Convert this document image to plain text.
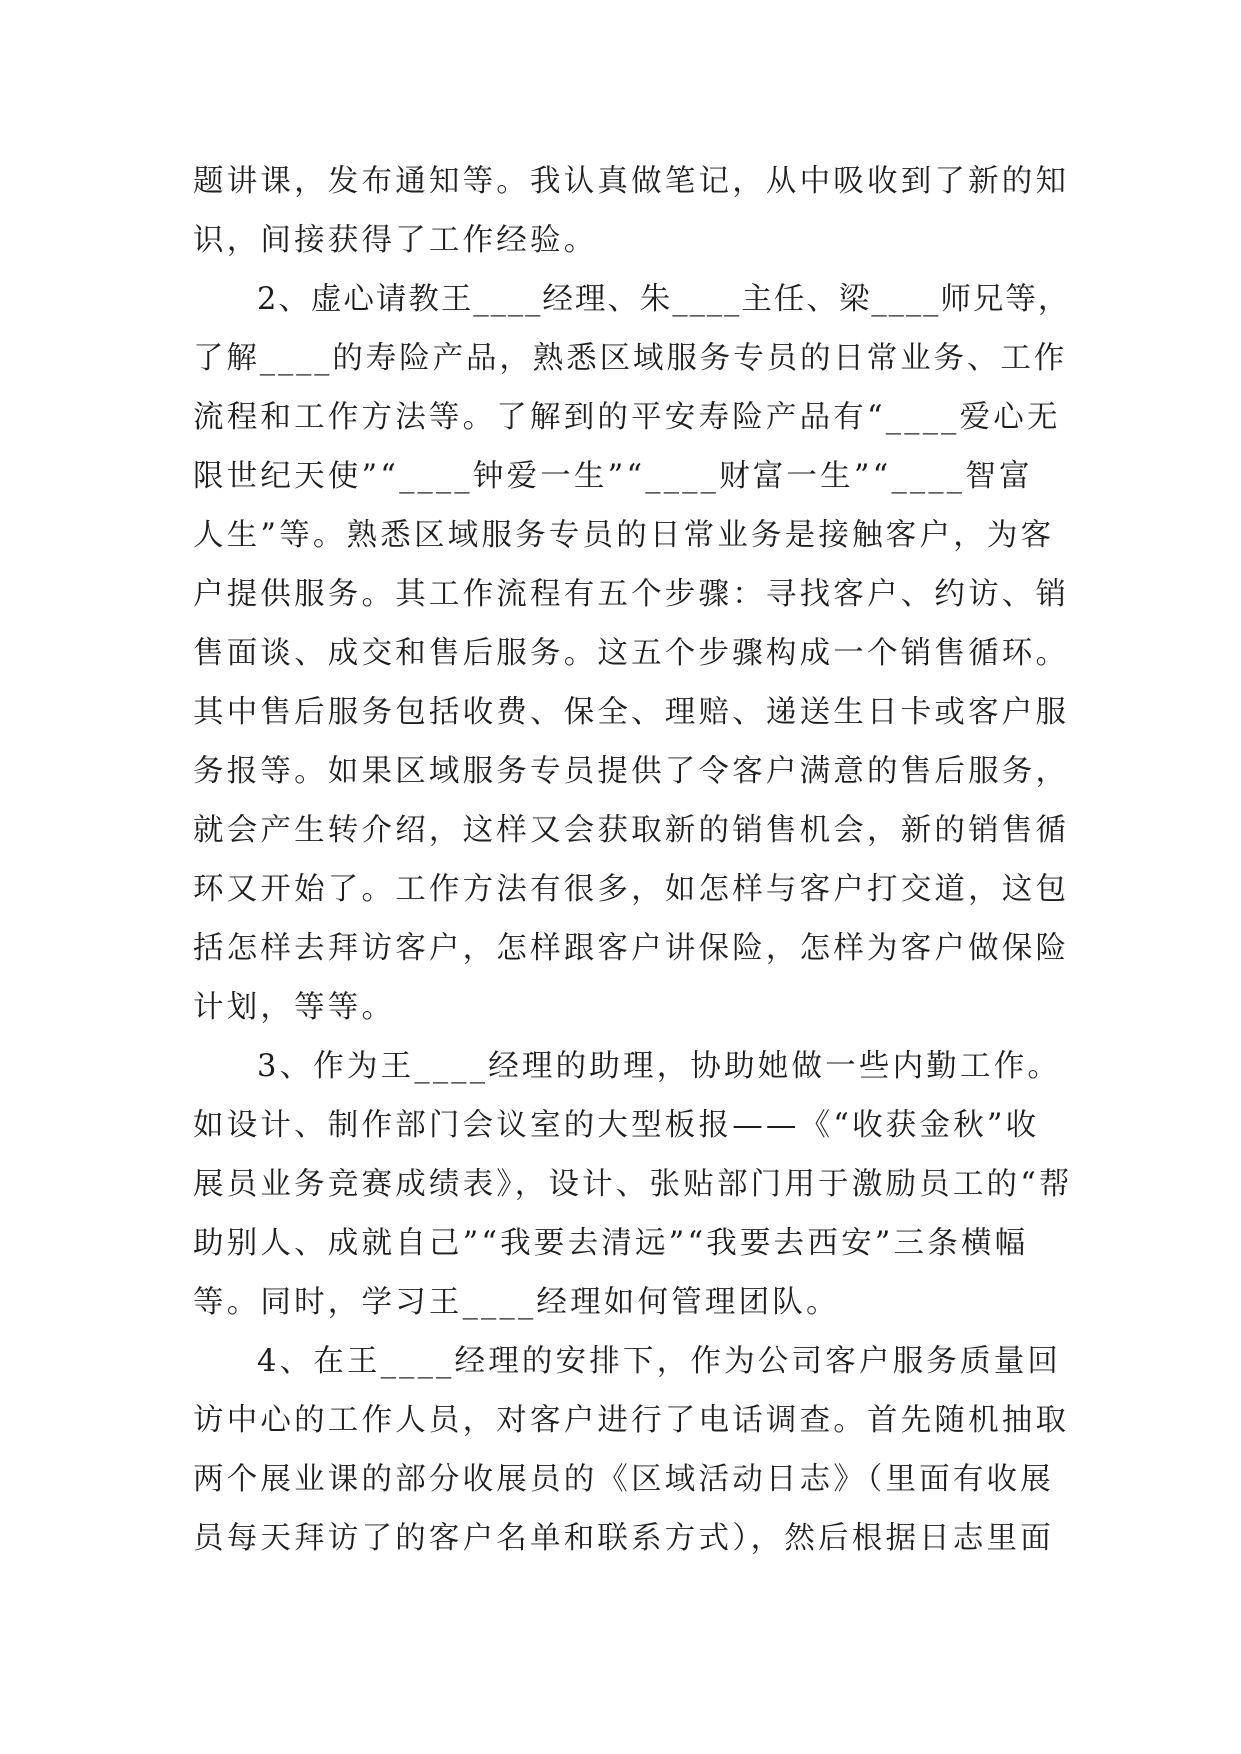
题讲课，发布通知等。我认真做笔记，从中吸收到了新的知
识，间接获得了工作经验。
2、虚心请教王____经理、朱____主任、梁____师兄等，
了解____的寿险产品，熟悉区域服务专员的日常业务、工作
流程和工作方法等。了解到的平安寿险产品有“____爱心无
限世纪天使”“____钟爱一生”“____财富一生”“____智富
人生”等。熟悉区域服务专员的日常业务是接触客户，为客
户提供服务。其工作流程有五个步骤：寻找客户、约访、销
售面谈、成交和售后服务。这五个步骤构成一个销售循环。
其中售后服务包括收费、保全、理赔、递送生日卡或客户服
务报等。如果区域服务专员提供了令客户满意的售后服务，
就会产生转介绍，这样又会获取新的销售机会，新的销售循
环又开始了。工作方法有很多，如怎样与客户打交道，这包
括怎样去拜访客户，怎样跟客户讲保险，怎样为客户做保险
计划，等等。
3、作为王____经理的助理，协助她做一些内勤工作。
如设计、制作部门会议室的大型板报——《“收获金秋”收
展员业务竞赛成绩表》，设计、张贴部门用于激励员工的“帮
助别人、成就自己”“我要去清远”“我要去西安”三条横幅
等。同时，学习王____经理如何管理团队。
4、在王____经理的安排下，作为公司客户服务质量回
访中心的工作人员，对客户进行了电话调查。首先随机抽取
两个展业课的部分收展员的《区域活动日志》（里面有收展
员每天拜访了的客户名单和联系方式），然后根据日志里面
